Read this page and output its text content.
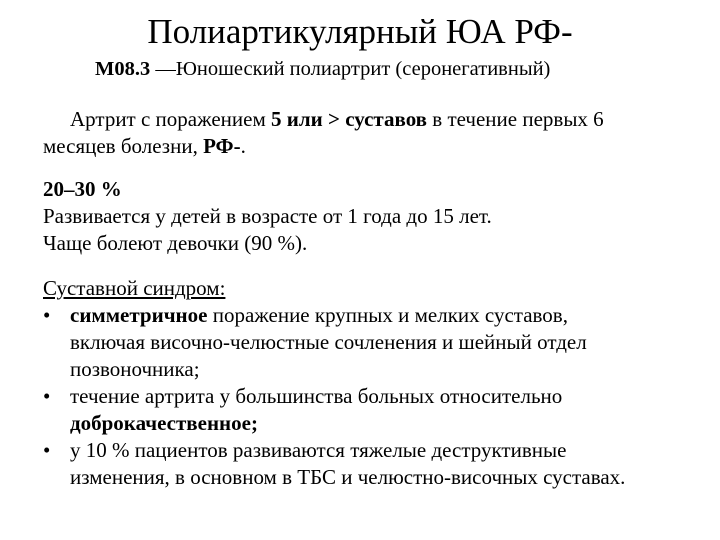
Полиартикулярный ЮА РФ-
М08.3 —Юношеский полиартрит (серонегативный)
Артрит с поражением 5 или > суставов в течение первых 6
месяцев болезни, РФ-.
20–30 %
Развивается у детей в возрасте от 1 года до 15 лет.
Чаще болеют девочки (90 %).
Суставной синдром:
• симметричное поражение крупных и мелких суставов,
включая височно-челюстные сочленения и шейный отдел
позвоночника;
• течение артрита у большинства больных относительно
доброкачественное;
• у 10 % пациентов развиваются тяжелые деструктивные
изменения, в основном в ТБС и челюстно-височных суставах.
